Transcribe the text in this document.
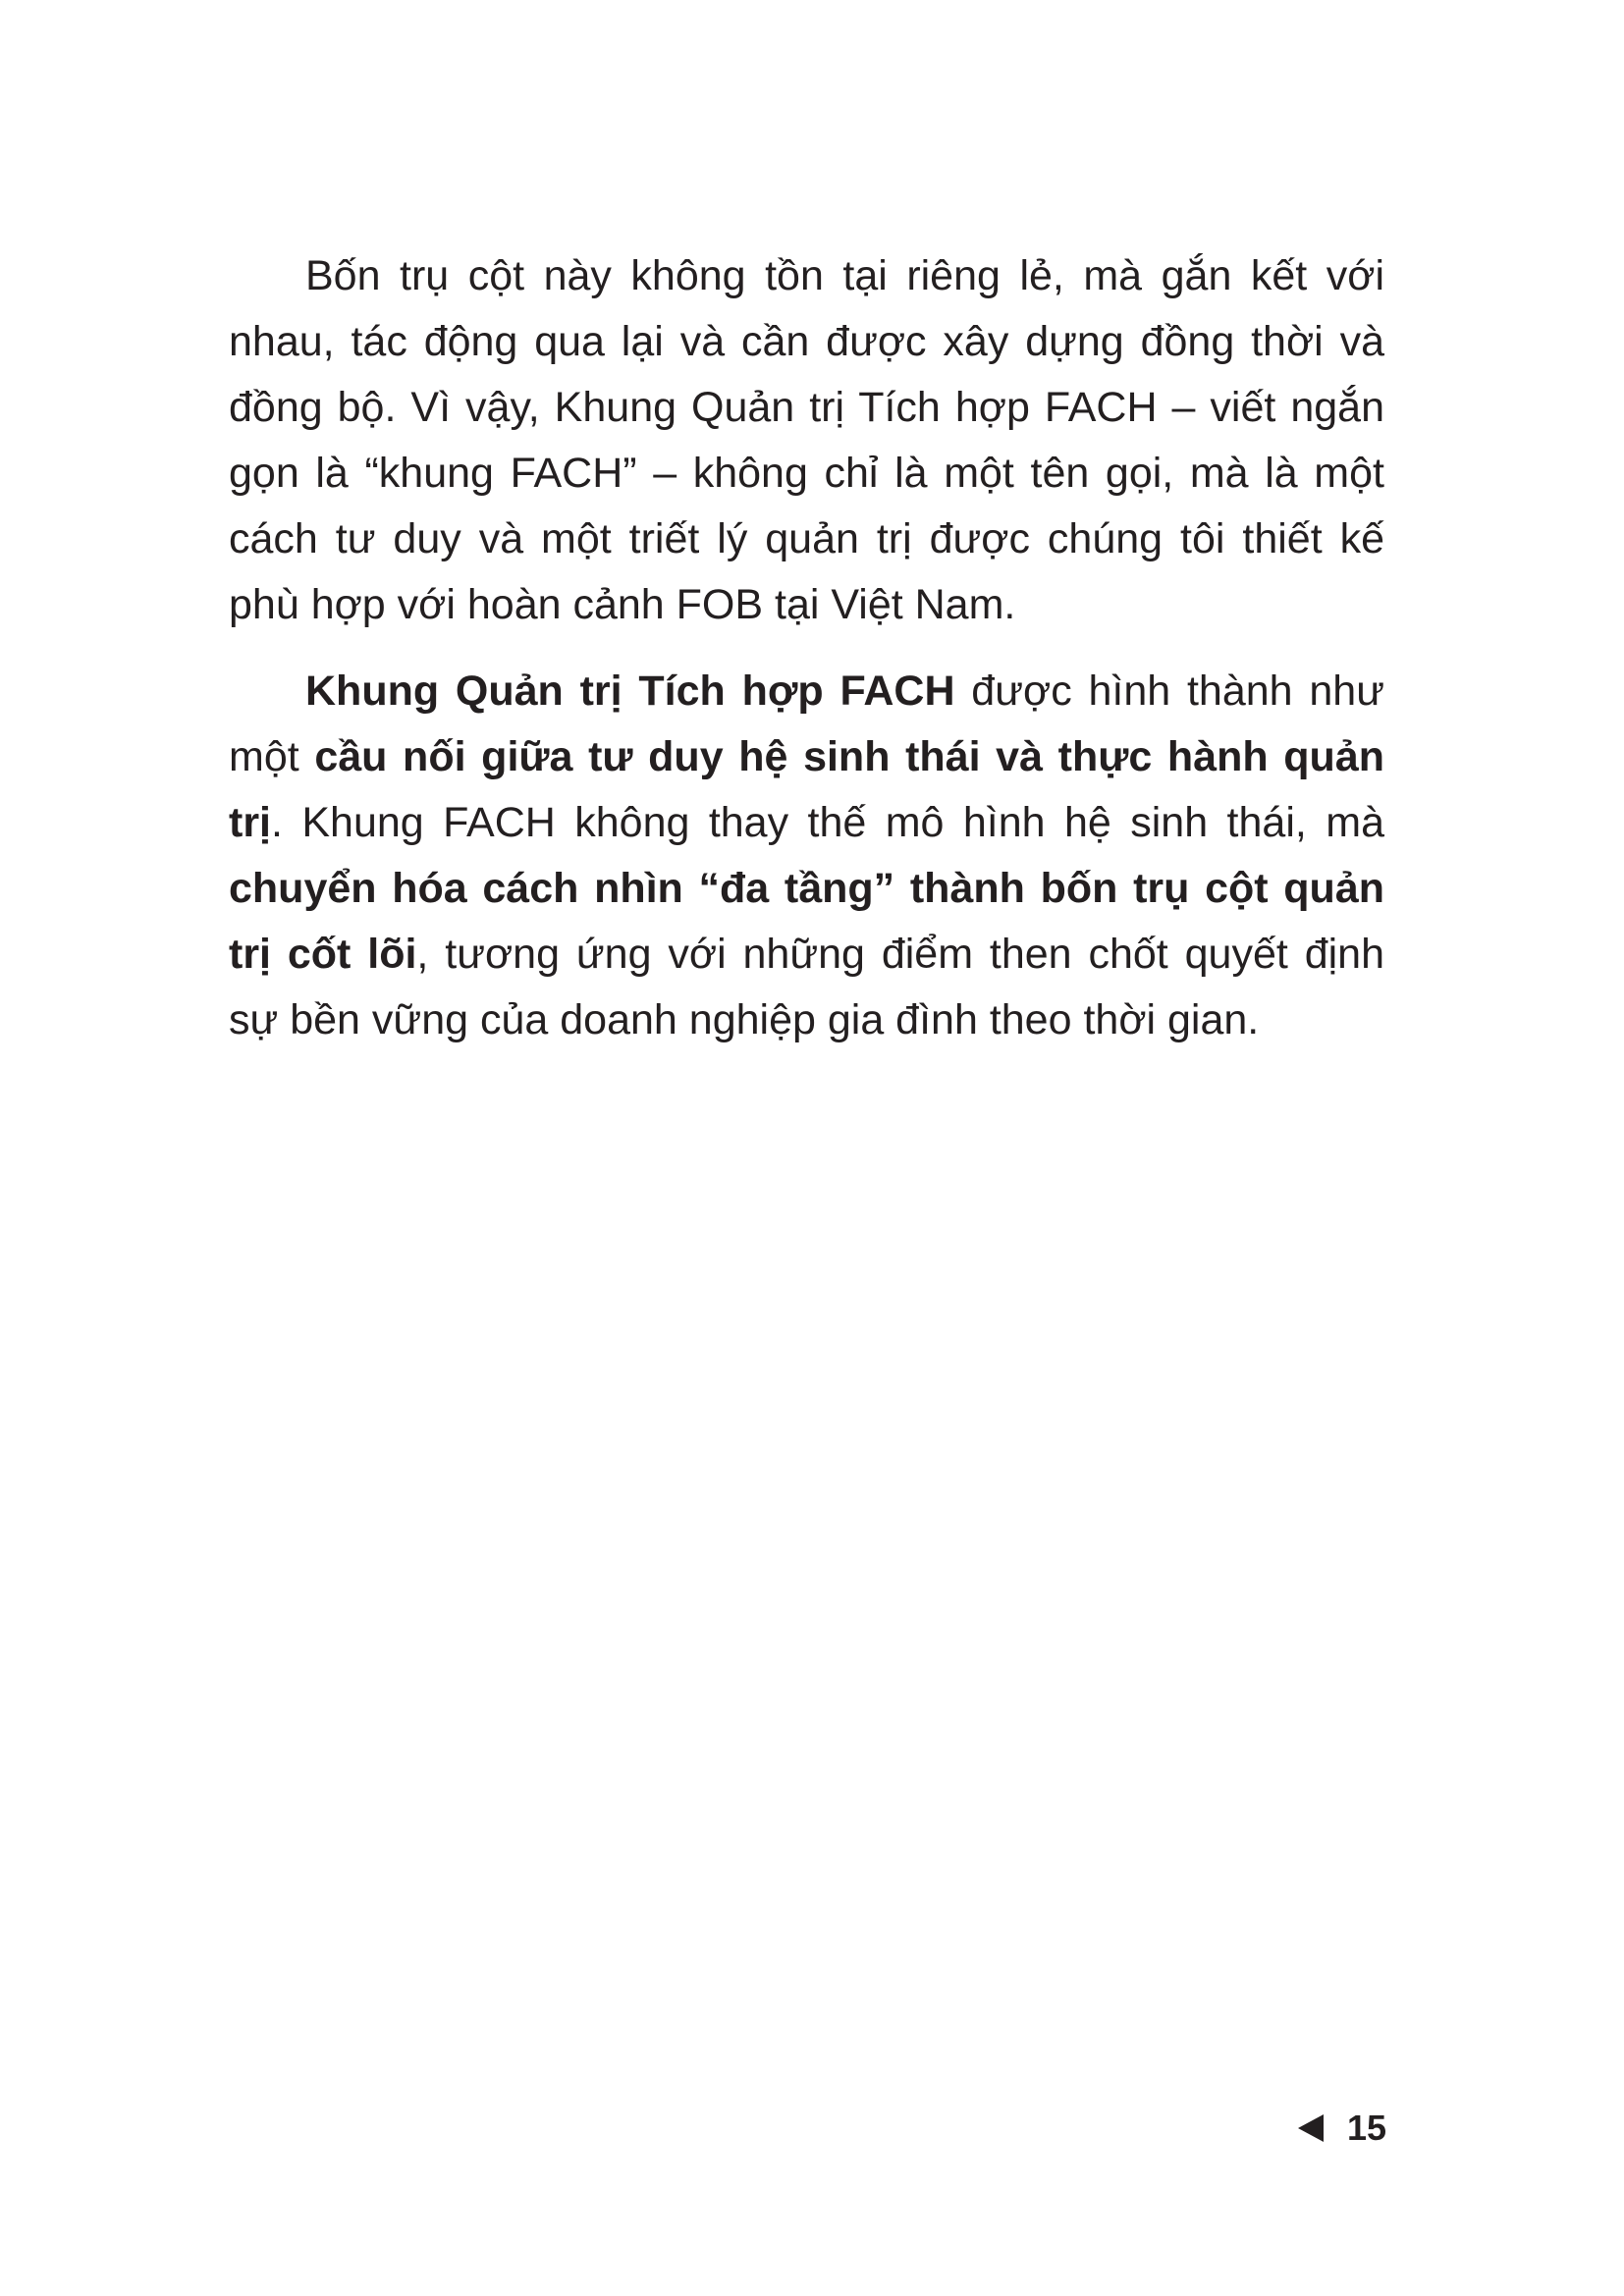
Bốn trụ cột này không tồn tại riêng lẻ, mà gắn kết với
nhau, tác động qua lại và cần được xây dựng đồng thời và
đồng bộ. Vì vậy, Khung Quản trị Tích hợp FACH – viết ngắn
gọn là “khung FACH” – không chỉ là một tên gọi, mà là một
cách tư duy và một triết lý quản trị được chúng tôi thiết kế
phù hợp với hoàn cảnh FOB tại Việt Nam.
Khung Quản trị Tích hợp FACH được hình thành như
một cầu nối giữa tư duy hệ sinh thái và thực hành quản
trị. Khung FACH không thay thế mô hình hệ sinh thái, mà
chuyển hóa cách nhìn “đa tầng” thành bốn trụ cột quản
trị cốt lõi, tương ứng với những điểm then chốt quyết định
sự bền vững của doanh nghiệp gia đình theo thời gian.
15
